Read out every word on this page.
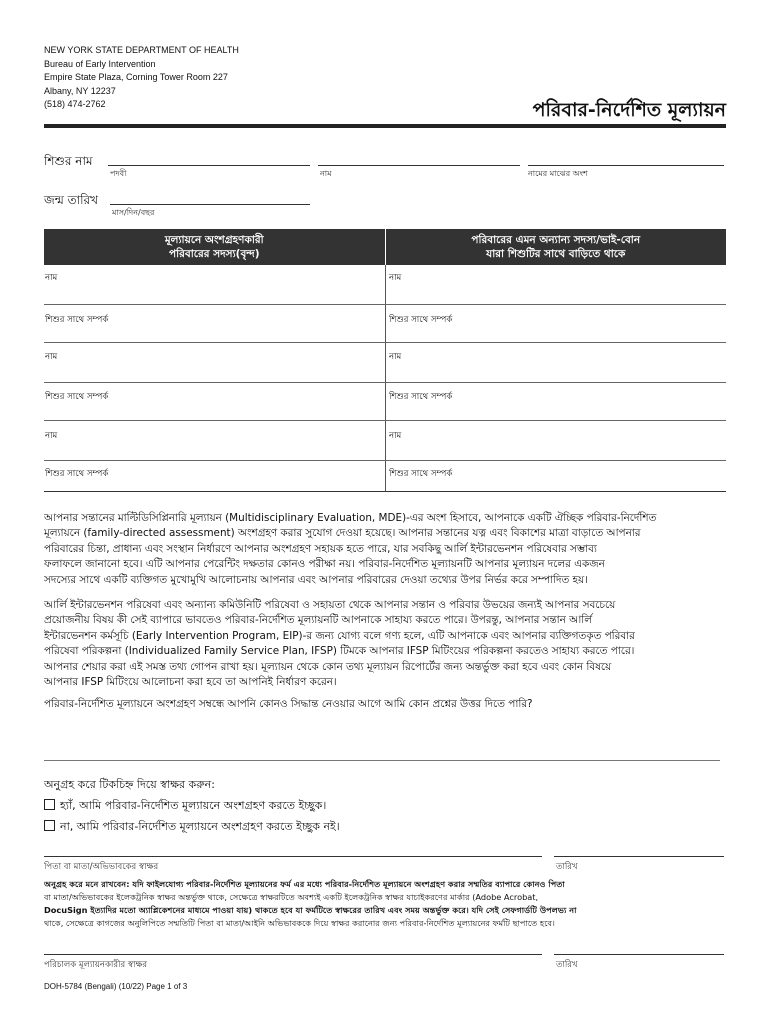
NEW YORK STATE DEPARTMENT OF HEALTH
Bureau of Early Intervention
Empire State Plaza, Corning Tower Room 227
Albany, NY 12237
(518) 474-2762	পরিবার-নির্দেশিত মূল্যায়ন
শিশুর নাম
পদবী	নাম	নামের মাঝের অংশ
জন্ম তারিখ
মাস/দিন/বছর
মূল্যায়নে অংশগ্রহণকারী
পরিবারের সদস্য(বৃন্দ)
পরিবারের এমন অন্যান্য সদস্য/ভাই-বোন
যারা শিশুটির সাথে বাড়িতে থাকে
নাম	নাম
শিশুর সাথে সম্পর্ক	শিশুর সাথে সম্পর্ক
নাম	নাম
শিশুর সাথে সম্পর্ক	শিশুর সাথে সম্পর্ক
নাম	নাম
শিশুর সাথে সম্পর্ক	শিশুর সাথে সম্পর্ক
আপনার সন্তানের মাল্টিডিসিপ্লিনারি মূল্যায়ন (Multidisciplinary Evaluation, MDE)-এর অংশ হিসাবে, আপনাকে একটি ঐচ্ছিক পরিবার-নির্দেশিত
মূল্যায়নে (family-directed assessment) অংশগ্রহণ করার সুযোগ দেওয়া হয়েছে। আপনার সন্তানের যত্ন এবং বিকাশের মাত্রা বাড়াতে আপনার
পরিবারের চিন্তা, প্রাধান্য এবং সংস্থান নির্ধারণে আপনার অংশগ্রহণ সহায়ক হতে পারে, যার সবকিছু আর্লি ইন্টারভেনশন পরিষেবার সম্ভাব্য
ফলাফলে জানানো হবে। এটি আপনার পেরেন্টিং দক্ষতার কোনও পরীক্ষা নয়। পরিবার-নির্দেশিত মূল্যায়নটি আপনার মূল্যায়ন দলের একজন
সদস্যের সাথে একটি ব্যক্তিগত মুখোমুখি আলোচনায় আপনার এবং আপনার পরিবারের দেওয়া তথ্যের উপর নির্ভর করে সম্পাদিত হয়।
আর্লি ইন্টারভেনশন পরিষেবা এবং অন্যান্য কমিউনিটি পরিষেবা ও সহায়তা থেকে আপনার সন্তান ও পরিবার উভয়ের জন্যই আপনার সবচেয়ে
প্রয়োজনীয় বিষয় কী সেই ব্যাপারে ভাবতেও পরিবার-নির্দেশিত মূল্যায়নটি আপনাকে সাহায্য করতে পারে। উপরন্তু, আপনার সন্তান আর্লি
ইন্টারভেনশন কর্মসূচি (Early Intervention Program, EIP)-র জন্য যোগ্য বলে গণ্য হলে, এটি আপনাকে এবং আপনার ব্যক্তিগতকৃত পরিবার
পরিষেবা পরিকল্পনা (Individualized Family Service Plan, IFSP) টিমকে আপনার IFSP মিটিংয়ের পরিকল্পনা করতেও সাহায্য করতে পারে।
আপনার শেয়ার করা এই সমস্ত তথ্য গোপন রাখা হয়। মূল্যায়ন থেকে কোন তথ্য মূল্যায়ন রিপোর্টের জন্য অন্তর্ভুক্ত করা হবে এবং কোন বিষয়ে
আপনার IFSP মিটিংয়ে আলোচনা করা হবে তা আপনিই নির্ধারণ করেন।
পরিবার-নির্দেশিত মূল্যায়নে অংশগ্রহণ সম্বন্ধে আপনি কোনও সিদ্ধান্ত নেওয়ার আগে আমি কোন প্রশ্নের উত্তর দিতে পারি?
অনুগ্রহ করে টিকচিহ্ন দিয়ে স্বাক্ষর করুন:
হ্যাঁ, আমি পরিবার-নির্দেশিত মূল্যায়নে অংশগ্রহণ করতে ইচ্ছুক।
না, আমি পরিবার-নির্দেশিত মূল্যায়নে অংশগ্রহণ করতে ইচ্ছুক নই।
পিতা বা মাতা/অভিভাবকের স্বাক্ষর	তারিখ
অনুগ্রহ করে মনে রাখবেন: যদি ফাইলযোগ্য পরিবার-নির্দেশিত মূল্যায়নের ফর্ম এর মধ্যে পরিবার-নির্দেশিত মূল্যায়নে অংশগ্রহণ করার সম্মতির ব্যাপারে কোনও পিতা
বা মাতা/অভিভাবকের ইলেকট্রনিক স্বাক্ষর অন্তর্ভুক্ত থাকে, সেক্ষেত্রে স্বাক্ষরটিতে অবশ্যই একটি ইলেকট্রনিক স্বাক্ষর যাচাইকরণের মার্কার (Adobe Acrobat,
DocuSign ইত্যাদির মতো অ্যাপ্লিকেশনের মাধ্যমে পাওয়া যায়) থাকতে হবে যা ফর্মটিতে স্বাক্ষরের তারিখ এবং সময় অন্তর্ভুক্ত করে। যদি সেই সেফগার্ডটি উপলভ্য না
থাকে, সেক্ষেত্রে কাগজের অনুলিপিতে সম্মতিটি পিতা বা মাতা/আইনি অভিভাবককে দিয়ে স্বাক্ষর করানোর জন্য পরিবার-নির্দেশিত মূল্যায়নের ফর্মটি ছাপাতে হবে।
পরিচালক মূল্যায়নকারীর স্বাক্ষর	তারিখ
DOH-5784 (Bengali) (10/22) Page 1 of 3
